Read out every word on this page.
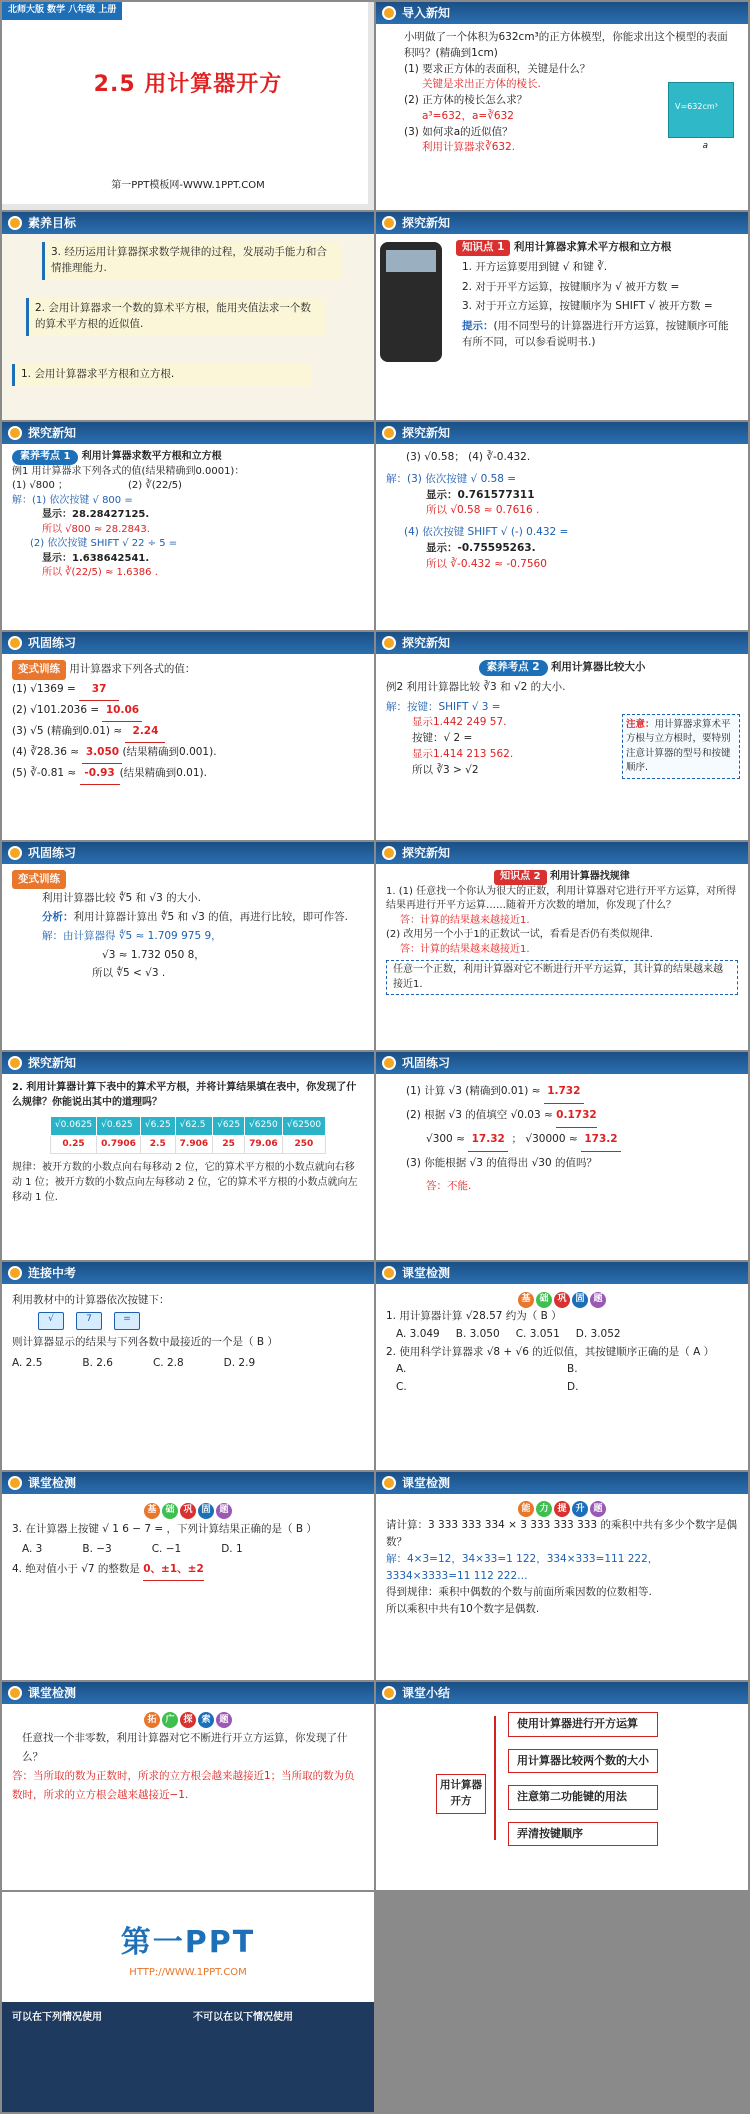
北师大版 数学 八年级 上册
2.5 用计算器开方
第一PPT模板网-WWW.1PPT.COM
导入新知
小明做了一个体积为632cm³的正方体模型，你能求出这个模型的表面积吗？(精确到1cm)
(1) 要求正方体的表面积，关键是什么？
关键是求出正方体的棱长.
(2) 正方体的棱长怎么求？
a³=632，a=∛632
(3) 如何求a的近似值？
利用计算器求∛632.
V=632cm³
a
素养目标
3. 经历运用计算器探求数学规律的过程，发展动手能力和合情推理能力.
2. 会用计算器求一个数的算术平方根，能用夹值法求一个数的算术平方根的近似值.
1. 会用计算器求平方根和立方根.
探究新知
知识点 1 利用计算器求算术平方根和立方根
1. 开方运算要用到键 √ 和键 ∛.
2. 对于开平方运算，按键顺序为 √ 被开方数 =
3. 对于开立方运算，按键顺序为 SHIFT √ 被开方数 =
提示：(用不同型号的计算器进行开方运算，按键顺序可能有所不同，可以参看说明书.)
探究新知
素养考点 1 利用计算器求数平方根和立方根
例1 用计算器求下列各式的值(结果精确到0.0001)：
(1) √800 ；	(2) ∛(22/5)
解：(1) 依次按键 √ 800 =
显示：28.28427125.
所以 √800 ≈ 28.2843.
(2) 依次按键 SHIFT √ 22 ÷ 5 =
显示：1.638642541.
所以 ∛(22/5) ≈ 1.6386 .
探究新知
(3) √0.58； (4) ∛-0.432.
解：(3) 依次按键 √ 0.58 =
显示：0.761577311
所以 √0.58 ≈ 0.7616 .
(4) 依次按键 SHIFT √ (-) 0.432 =
显示：-0.75595263.
所以 ∛-0.432 ≈ -0.7560
巩固练习
变式训练 用计算器求下列各式的值：
(1) √1369 = 37
(2) √101.2036 = 10.06
(3) √5 (精确到0.01) ≈ 2.24
(4) ∛28.36 ≈ 3.050 (结果精确到0.001).
(5) ∛-0.81 ≈ -0.93 (结果精确到0.01).
探究新知
素养考点 2 利用计算器比较大小
例2 利用计算器比较 ∛3 和 √2 的大小.
解：按键：SHIFT √ 3 =
显示1.442 249 57.
按键：√ 2 =
显示1.414 213 562.
所以 ∛3 > √2
注意：用计算器求算术平方根与立方根时，要特别注意计算器的型号和按键顺序.
巩固练习
变式训练
利用计算器比较 ∜5 和 √3 的大小.
分析：利用计算器计算出 ∜5 和 √3 的值，再进行比较，即可作答.
解：由计算器得 ∜5 ≈ 1.709 975 9，
√3 ≈ 1.732 050 8，
所以 ∜5 < √3 .
探究新知
知识点 2 利用计算器找规律
1. (1) 任意找一个你认为很大的正数，利用计算器对它进行开平方运算，对所得结果再进行开平方运算……随着开方次数的增加，你发现了什么？
答：计算的结果越来越接近1.
(2) 改用另一个小于1的正数试一试，看看是否仍有类似规律.
答：计算的结果越来越接近1.
任意一个正数，利用计算器对它不断进行开平方运算，其计算的结果越来越接近1.
探究新知
2. 利用计算器计算下表中的算术平方根，并将计算结果填在表中，你发现了什么规律？你能说出其中的道理吗？
√0.0625	√0.625	√6.25	√62.5	√625	√6250	√62500
0.25	0.7906	2.5	7.906	25	79.06	250
规律：被开方数的小数点向右每移动 2 位，它的算术平方根的小数点就向右移动 1 位；被开方数的小数点向左每移动 2 位，它的算术平方根的小数点就向左移动 1 位.
巩固练习
(1) 计算 √3 (精确到0.01) ≈ 1.732
(2) 根据 √3 的值填空 √0.03 ≈ 0.1732
√300 ≈ 17.32 ； √30000 ≈ 173.2
(3) 你能根据 √3 的值得出 √30 的值吗？
答：不能.
连接中考
利用教材中的计算器依次按键下：
√	7	=
则计算器显示的结果与下列各数中最接近的一个是（ B ）
A. 2.5	B. 2.6	C. 2.8	D. 2.9
课堂检测
基 础 巩 固 题
1. 用计算器计算 √28.57 约为（ B ）
A. 3.049 B. 3.050 C. 3.051 D. 3.052
2. 使用科学计算器求 √8 + √6 的近似值，其按键顺序正确的是（ A ）
A.	B.
C.	D.
课堂检测
基 础 巩 固 题
3. 在计算器上按键 √ 1 6 − 7 = ，下列计算结果正确的是（ B ）
A. 3	B. −3	C. −1	D. 1
4. 绝对值小于 √7 的整数是 0、±1、±2
课堂检测
能 力 提 升 题
请计算：3 333 333 334 × 3 333 333 333 的乘积中共有多少个数字是偶数？
解：4×3=12，34×33=1 122，334×333=111 222，3334×3333=11 112 222…
得到规律：乘积中偶数的个数与前面所乘因数的位数相等.
所以乘积中共有10个数字是偶数.
课堂检测
拓 广 探 索 题
任意找一个非零数，利用计算器对它不断进行开立方运算，你发现了什么？
答：当所取的数为正数时，所求的立方根会越来越接近1；当所取的数为负数时，所求的立方根会越来越接近−1.
课堂小结
用计算器开方
使用计算器进行开方运算
用计算器比较两个数的大小
注意第二功能键的用法
弄清按键顺序
第一PPT
HTTP://WWW.1PPT.COM
可以在下列情况使用	不可以在以下情况使用
